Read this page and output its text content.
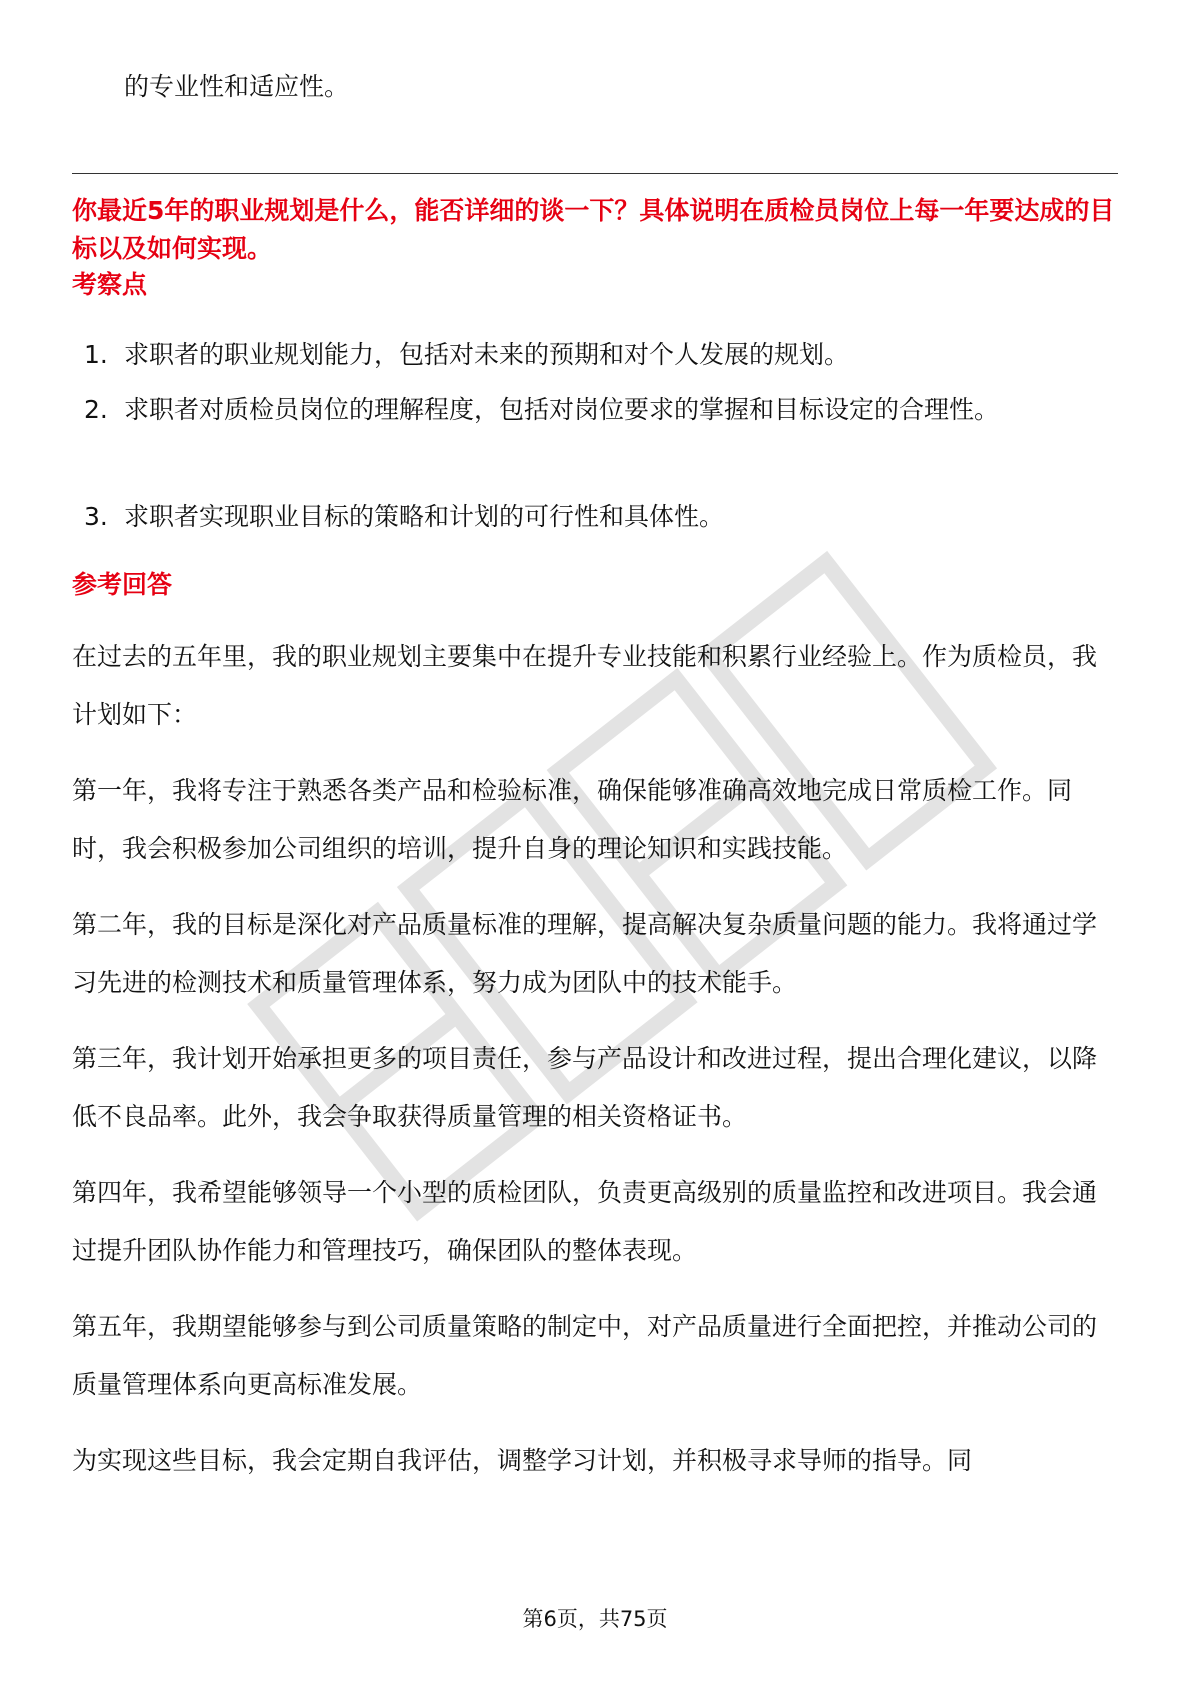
的专业性和适应性。

你最近5年的职业规划是什么，能否详细的谈一下？具体说明在质检员岗位上每一年要达成的目标以及如何实现。

考察点

1. 求职者的职业规划能力，包括对未来的预期和对个人发展的规划。
2. 求职者对质检员岗位的理解程度，包括对岗位要求的掌握和目标设定的合理性。
3. 求职者实现职业目标的策略和计划的可行性和具体性。

参考回答

在过去的五年里，我的职业规划主要集中在提升专业技能和积累行业经验上。作为质检员，我计划如下：

第一年，我将专注于熟悉各类产品和检验标准，确保能够准确高效地完成日常质检工作。同时，我会积极参加公司组织的培训，提升自身的理论知识和实践技能。

第二年，我的目标是深化对产品质量标准的理解，提高解决复杂质量问题的能力。我将通过学习先进的检测技术和质量管理体系，努力成为团队中的技术能手。

第三年，我计划开始承担更多的项目责任，参与产品设计和改进过程，提出合理化建议，以降低不良品率。此外，我会争取获得质量管理的相关资格证书。

第四年，我希望能够领导一个小型的质检团队，负责更高级别的质量监控和改进项目。我会通过提升团队协作能力和管理技巧，确保团队的整体表现。

第五年，我期望能够参与到公司质量策略的制定中，对产品质量进行全面把控，并推动公司的质量管理体系向更高标准发展。

为实现这些目标，我会定期自我评估，调整学习计划，并积极寻求导师的指导。同

第6页，共75页
